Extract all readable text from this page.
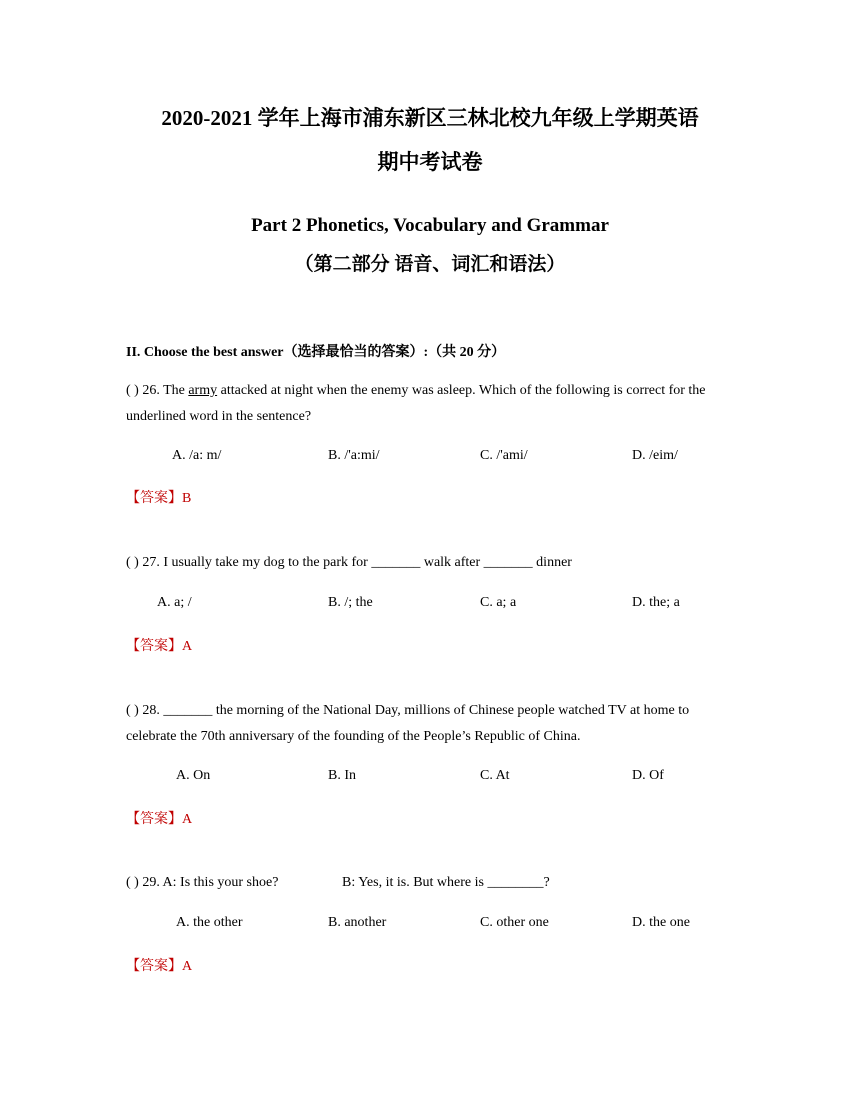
2020-2021 学年上海市浦东新区三林北校九年级上学期英语
期中考试卷
Part 2 Phonetics, Vocabulary and Grammar
（第二部分 语音、词汇和语法）
II. Choose the best answer（选择最恰当的答案）:（共 20 分）
( ) 26. The army attacked at night when the enemy was asleep. Which of the following is correct for the underlined word in the sentence?
A. /a: m/	B. /'a:mi/	C. /'ami/	D. /eim/
【答案】B
( ) 27. I usually take my dog to the park for _______ walk after _______ dinner
A. a; /	B. /; the	C. a; a	D. the; a
【答案】A
( ) 28. _______ the morning of the National Day, millions of Chinese people watched TV at home to celebrate the 70th anniversary of the founding of the People’s Republic of China.
A. On	B. In	C. At	D. Of
【答案】A
( ) 29. A: Is this your shoe?	B: Yes, it is. But where is ________?
A. the other	B. another	C. other one	D. the one
【答案】A
